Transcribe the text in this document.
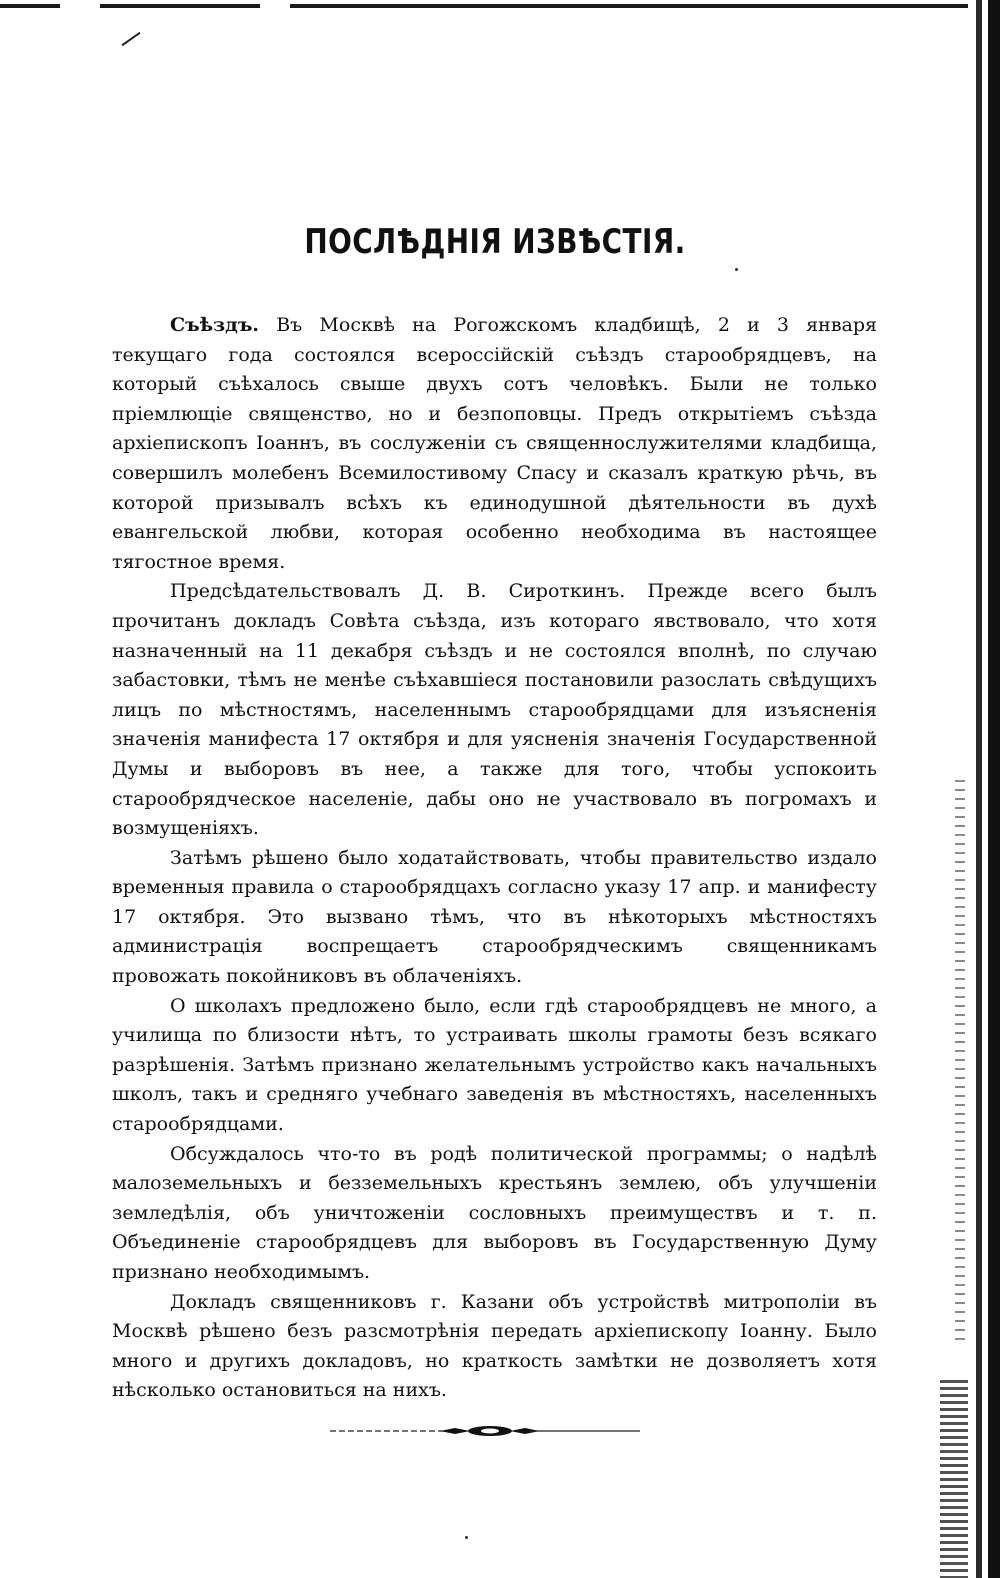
ПОСЛѢДНІЯ ИЗВѢСТІЯ.

Съѣздъ. Въ Москвѣ на Рогожскомъ кладбищѣ, 2 и 3 января текущаго года состоялся всероссійскій съѣздъ старообрядцевъ, на который съѣхалось свыше двухъ сотъ человѣкъ. Были не только пріемлющіе священство, но и безпоповцы. Предъ открытіемъ съѣзда архіепископъ Іоаннъ, въ сослуженіи съ священнослужителями кладбища, совершилъ молебенъ Всемилостивому Спасу и сказалъ краткую рѣчь, въ которой призывалъ всѣхъ къ единодушной дѣятельности въ духѣ евангельской любви, которая особенно необходима въ настоящее тягостное время.

Предсѣдательствовалъ Д. В. Сироткинъ. Прежде всего былъ прочитанъ докладъ Совѣта съѣзда, изъ котораго явствовало, что хотя назначенный на 11 декабря съѣздъ и не состоялся вполнѣ, по случаю забастовки, тѣмъ не менѣе съѣхавшіеся постановили разослать свѣдущихъ лицъ по мѣстностямъ, населеннымъ старообрядцами для изъясненія значенія манифеста 17 октября и для уясненія значенія Государственной Думы и выборовъ въ нее, а также для того, чтобы успокоить старообрядческое населеніе, дабы оно не участвовало въ погромахъ и возмущеніяхъ.

Затѣмъ рѣшено было ходатайствовать, чтобы правительство издало временныя правила о старообрядцахъ согласно указу 17 апр. и манифесту 17 октября. Это вызвано тѣмъ, что въ нѣкоторыхъ мѣстностяхъ администрація воспрещаетъ старообрядческимъ священникамъ провожать покойниковъ въ облаченіяхъ.

О школахъ предложено было, если гдѣ старообрядцевъ не много, а училища по близости нѣтъ, то устраивать школы грамоты безъ всякаго разрѣшенія. Затѣмъ признано желательнымъ устройство какъ начальныхъ школъ, такъ и средняго учебнаго заведенія въ мѣстностяхъ, населенныхъ старообрядцами.

Обсуждалось что-то въ родѣ политической программы; о надѣлѣ малоземельныхъ и безземельныхъ крестьянъ землею, объ улучшеніи земледѣлія, объ уничтоженіи сословныхъ преимуществъ и т. п. Объединеніе старообрядцевъ для выборовъ въ Государственную Думу признано необходимымъ.

Докладъ священниковъ г. Казани объ устройствѣ митрополіи въ Москвѣ рѣшено безъ разсмотрѣнія передать архіепископу Іоанну. Было много и другихъ докладовъ, но краткость замѣтки не дозволяетъ хотя нѣсколько остановиться на нихъ.
